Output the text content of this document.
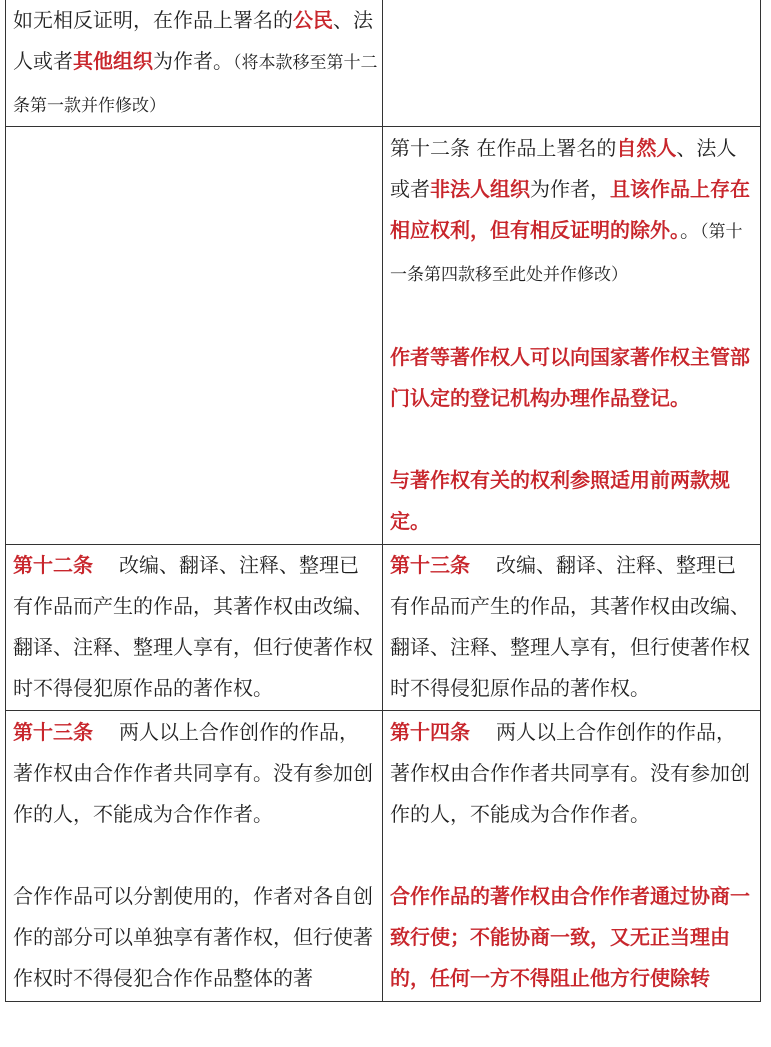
如无相反证明，在作品上署名的公民、法人或者其他组织为作者。（将本款移至第十二条第一款并作修改）

第十二条 在作品上署名的自然人、法人或者非法人组织为作者，且该作品上存在相应权利，但有相反证明的除外。。（第十一条第四款移至此处并作修改）

作者等著作权人可以向国家著作权主管部门认定的登记机构办理作品登记。

与著作权有关的权利参照适用前两款规定。

第十二条 改编、翻译、注释、整理已有作品而产生的作品，其著作权由改编、翻译、注释、整理人享有，但行使著作权时不得侵犯原作品的著作权。

第十三条 改编、翻译、注释、整理已有作品而产生的作品，其著作权由改编、翻译、注释、整理人享有，但行使著作权时不得侵犯原作品的著作权。

第十三条 两人以上合作创作的作品，著作权由合作作者共同享有。没有参加创作的人，不能成为合作作者。

合作作品可以分割使用的，作者对各自创作的部分可以单独享有著作权，但行使著作权时不得侵犯合作作品整体的著

第十四条 两人以上合作创作的作品，著作权由合作作者共同享有。没有参加创作的人，不能成为合作作者。

合作作品的著作权由合作作者通过协商一致行使；不能协商一致，又无正当理由的，任何一方不得阻止他方行使除转
